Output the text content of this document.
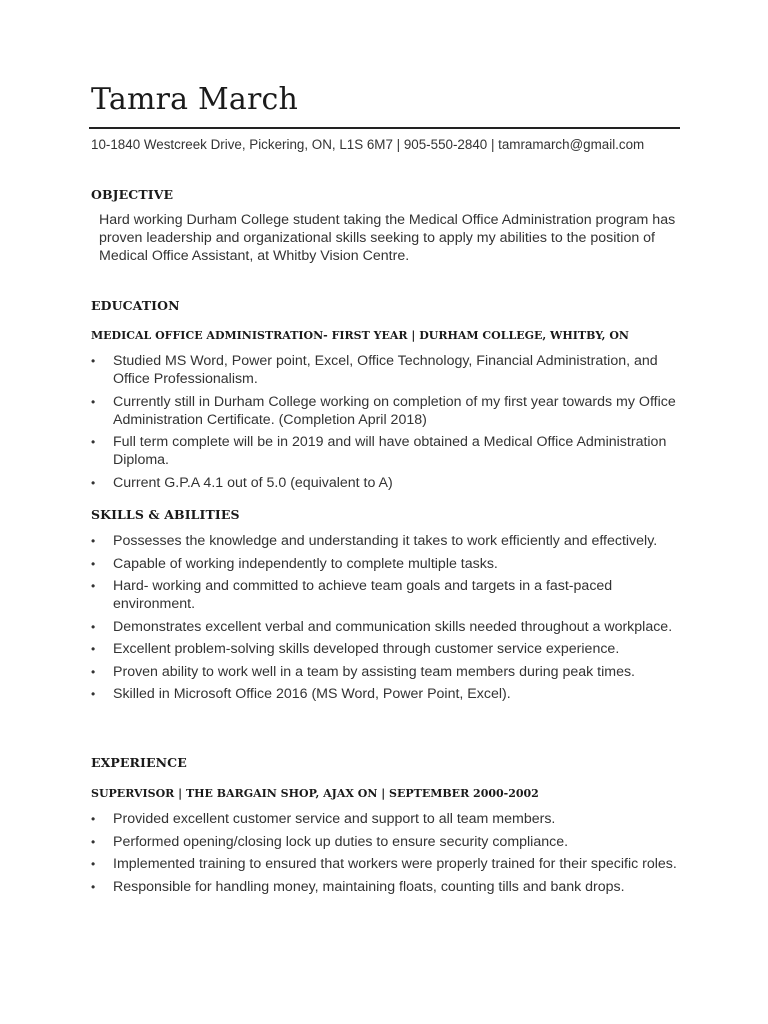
Tamra March
10-1840 Westcreek Drive, Pickering, ON, L1S 6M7 | 905-550-2840 | tamramarch@gmail.com
OBJECTIVE
Hard working Durham College student taking the Medical Office Administration program has proven leadership and organizational skills seeking to apply my abilities to the position of Medical Office Assistant, at Whitby Vision Centre.
EDUCATION
MEDICAL OFFICE ADMINISTRATION- FIRST YEAR | DURHAM COLLEGE, WHITBY, ON
•	Studied MS Word, Power point, Excel, Office Technology, Financial Administration, and Office Professionalism.
•	Currently still in Durham College working on completion of my first year towards my Office Administration Certificate. (Completion April 2018)
•	Full term complete will be in 2019 and will have obtained a Medical Office Administration Diploma.
•	Current G.P.A 4.1 out of 5.0 (equivalent to A)
SKILLS & ABILITIES
•	Possesses the knowledge and understanding it takes to work efficiently and effectively.
•	Capable of working independently to complete multiple tasks.
•	Hard- working and committed to achieve team goals and targets in a fast-paced environment.
•	Demonstrates excellent verbal and communication skills needed throughout a workplace.
•	Excellent problem-solving skills developed through customer service experience.
•	Proven ability to work well in a team by assisting team members during peak times.
•	Skilled in Microsoft Office 2016 (MS Word, Power Point, Excel).
EXPERIENCE
SUPERVISOR | THE BARGAIN SHOP, AJAX ON | SEPTEMBER 2000-2002
•	Provided excellent customer service and support to all team members.
•	Performed opening/closing lock up duties to ensure security compliance.
•	Implemented training to ensured that workers were properly trained for their specific roles.
•	Responsible for handling money, maintaining floats, counting tills and bank drops.
